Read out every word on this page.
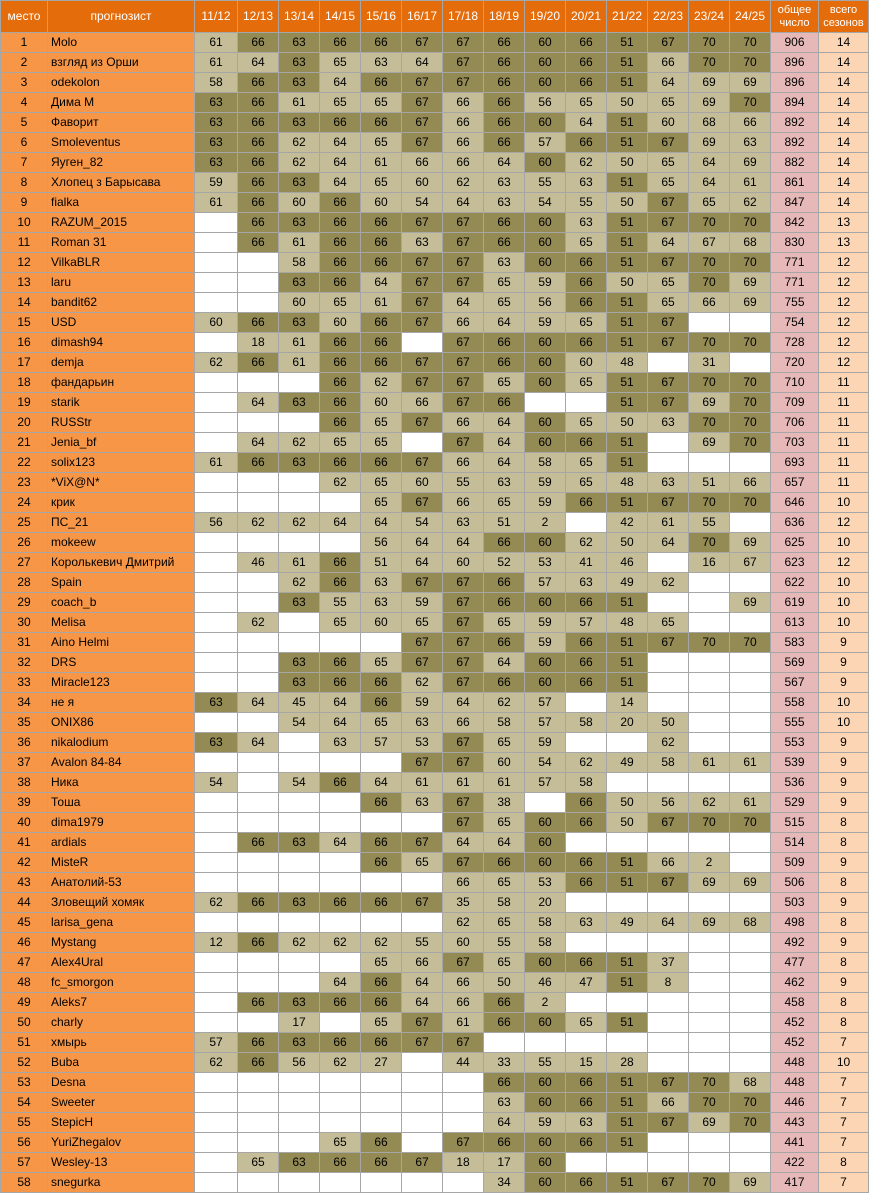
место	прогнозист	11/12	12/13	13/14	14/15	15/16	16/17	17/18	18/19	19/20	20/21	21/22	22/23	23/24	24/25	общее число	всего сезонов
1	Molo	61	66	63	66	66	67	67	66	60	66	51	67	70	70	906	14
2	взгляд из Орши	61	64	63	65	63	64	67	66	60	66	51	66	70	70	896	14
3	odekolon	58	66	63	64	66	67	67	66	60	66	51	64	69	69	896	14
4	Дима М	63	66	61	65	65	67	66	66	56	65	50	65	69	70	894	14
5	Фаворит	63	66	63	66	66	67	66	66	60	64	51	60	68	66	892	14
6	Smoleventus	63	66	62	64	65	67	66	66	57	66	51	67	69	63	892	14
7	Яуген_82	63	66	62	64	61	66	66	64	60	62	50	65	64	69	882	14
8	Хлопец з Барысава	59	66	63	64	65	60	62	63	55	63	51	65	64	61	861	14
9	fialka	61	66	60	66	60	54	64	63	54	55	50	67	65	62	847	14
10	RAZUM_2015		66	63	66	66	67	67	66	60	63	51	67	70	70	842	13
11	Roman 31		66	61	66	66	63	67	66	60	65	51	64	67	68	830	13
12	VilkaBLR			58	66	66	67	67	63	60	66	51	67	70	70	771	12
13	laru			63	66	64	67	67	65	59	66	50	65	70	69	771	12
14	bandit62			60	65	61	67	64	65	56	66	51	65	66	69	755	12
15	USD	60	66	63	60	66	67	66	64	59	65	51	67			754	12
16	dimash94		18	61	66	66		67	66	60	66	51	67	70	70	728	12
17	demja	62	66	61	66	66	67	67	66	60	60	48		31		720	12
18	фандарьин				66	62	67	67	65	60	65	51	67	70	70	710	11
19	starik		64	63	66	60	66	67	66			51	67	69	70	709	11
20	RUSStr				66	65	67	66	64	60	65	50	63	70	70	706	11
21	Jenia_bf		64	62	65	65		67	64	60	66	51		69	70	703	11
22	solix123	61	66	63	66	66	67	66	64	58	65	51				693	11
23	*ViX@N*				62	65	60	55	63	59	65	48	63	51	66	657	11
24	крик					65	67	66	65	59	66	51	67	70	70	646	10
25	ПС_21	56	62	62	64	64	54	63	51	2		42	61	55		636	12
26	mokeew					56	64	64	66	60	62	50	64	70	69	625	10
27	Королькевич Дмитрий		46	61	66	51	64	60	52	53	41	46		16	67	623	12
28	Spain			62	66	63	67	67	66	57	63	49	62			622	10
29	coach_b			63	55	63	59	67	66	60	66	51			69	619	10
30	Melisa		62		65	60	65	67	65	59	57	48	65			613	10
31	Aino Helmi						67	67	66	59	66	51	67	70	70	583	9
32	DRS			63	66	65	67	67	64	60	66	51				569	9
33	Miracle123			63	66	66	62	67	66	60	66	51				567	9
34	не я	63	64	45	64	66	59	64	62	57		14				558	10
35	ONIX86			54	64	65	63	66	58	57	58	20	50			555	10
36	nikalodium	63	64		63	57	53	67	65	59			62			553	9
37	Avalon 84-84						67	67	60	54	62	49	58	61	61	539	9
38	Ника	54		54	66	64	61	61	61	57	58					536	9
39	Тоша					66	63	67	38		66	50	56	62	61	529	9
40	dima1979							67	65	60	66	50	67	70	70	515	8
41	ardials		66	63	64	66	67	64	64	60						514	8
42	MisteR					66	65	67	66	60	66	51	66	2		509	9
43	Анатолий-53							66	65	53	66	51	67	69	69	506	8
44	Зловещий хомяк	62	66	63	66	66	67	35	58	20						503	9
45	larisa_gena							62	65	58	63	49	64	69	68	498	8
46	Mystang	12	66	62	62	62	55	60	55	58						492	9
47	Alex4Ural					65	66	67	65	60	66	51	37			477	8
48	fc_smorgon				64	66	64	66	50	46	47	51	8			462	9
49	Aleks7		66	63	66	66	64	66	66	2						458	8
50	charly			17		65	67	61	66	60	65	51				452	8
51	хмырь	57	66	63	66	66	67	67								452	7
52	Buba	62	66	56	62	27		44	33	55	15	28				448	10
53	Desna								66	60	66	51	67	70	68	448	7
54	Sweeter								63	60	66	51	66	70	70	446	7
55	StepicH								64	59	63	51	67	69	70	443	7
56	YuriZhegalov				65	66		67	66	60	66	51				441	7
57	Wesley-13		65	63	66	66	67	18	17	60						422	8
58	snegurka								34	60	66	51	67	70	69	417	7
